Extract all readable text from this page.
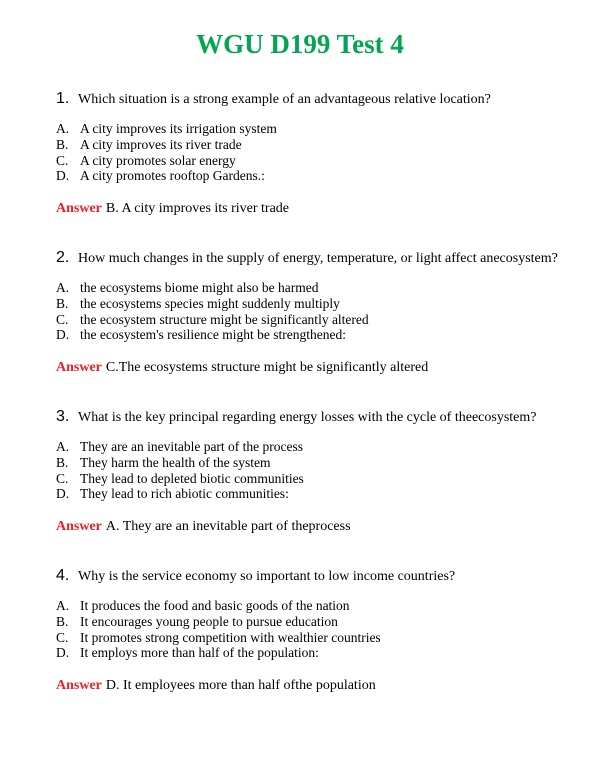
WGU D199 Test 4
1. Which situation is a strong example of an advantageous relative location?
A. A city improves its irrigation system
B. A city improves its river trade
C. A city promotes solar energy
D. A city promotes rooftop Gardens.:
Answer B. A city improves its river trade
2. How much changes in the supply of energy, temperature, or light affect anecosystem?
A. the ecosystems biome might also be harmed
B. the ecosystems species might suddenly multiply
C. the ecosystem structure might be significantly altered
D. the ecosystem's resilience might be strengthened:
Answer C.The ecosystems structure might be significantly altered
3. What is the key principal regarding energy losses with the cycle of theecosystem?
A. They are an inevitable part of the process
B. They harm the health of the system
C. They lead to depleted biotic communities
D. They lead to rich abiotic communities:
Answer A. They are an inevitable part of theprocess
4. Why is the service economy so important to low income countries?
A. It produces the food and basic goods of the nation
B. It encourages young people to pursue education
C. It promotes strong competition with wealthier countries
D. It employs more than half of the population:
Answer D. It employees more than half ofthe population
